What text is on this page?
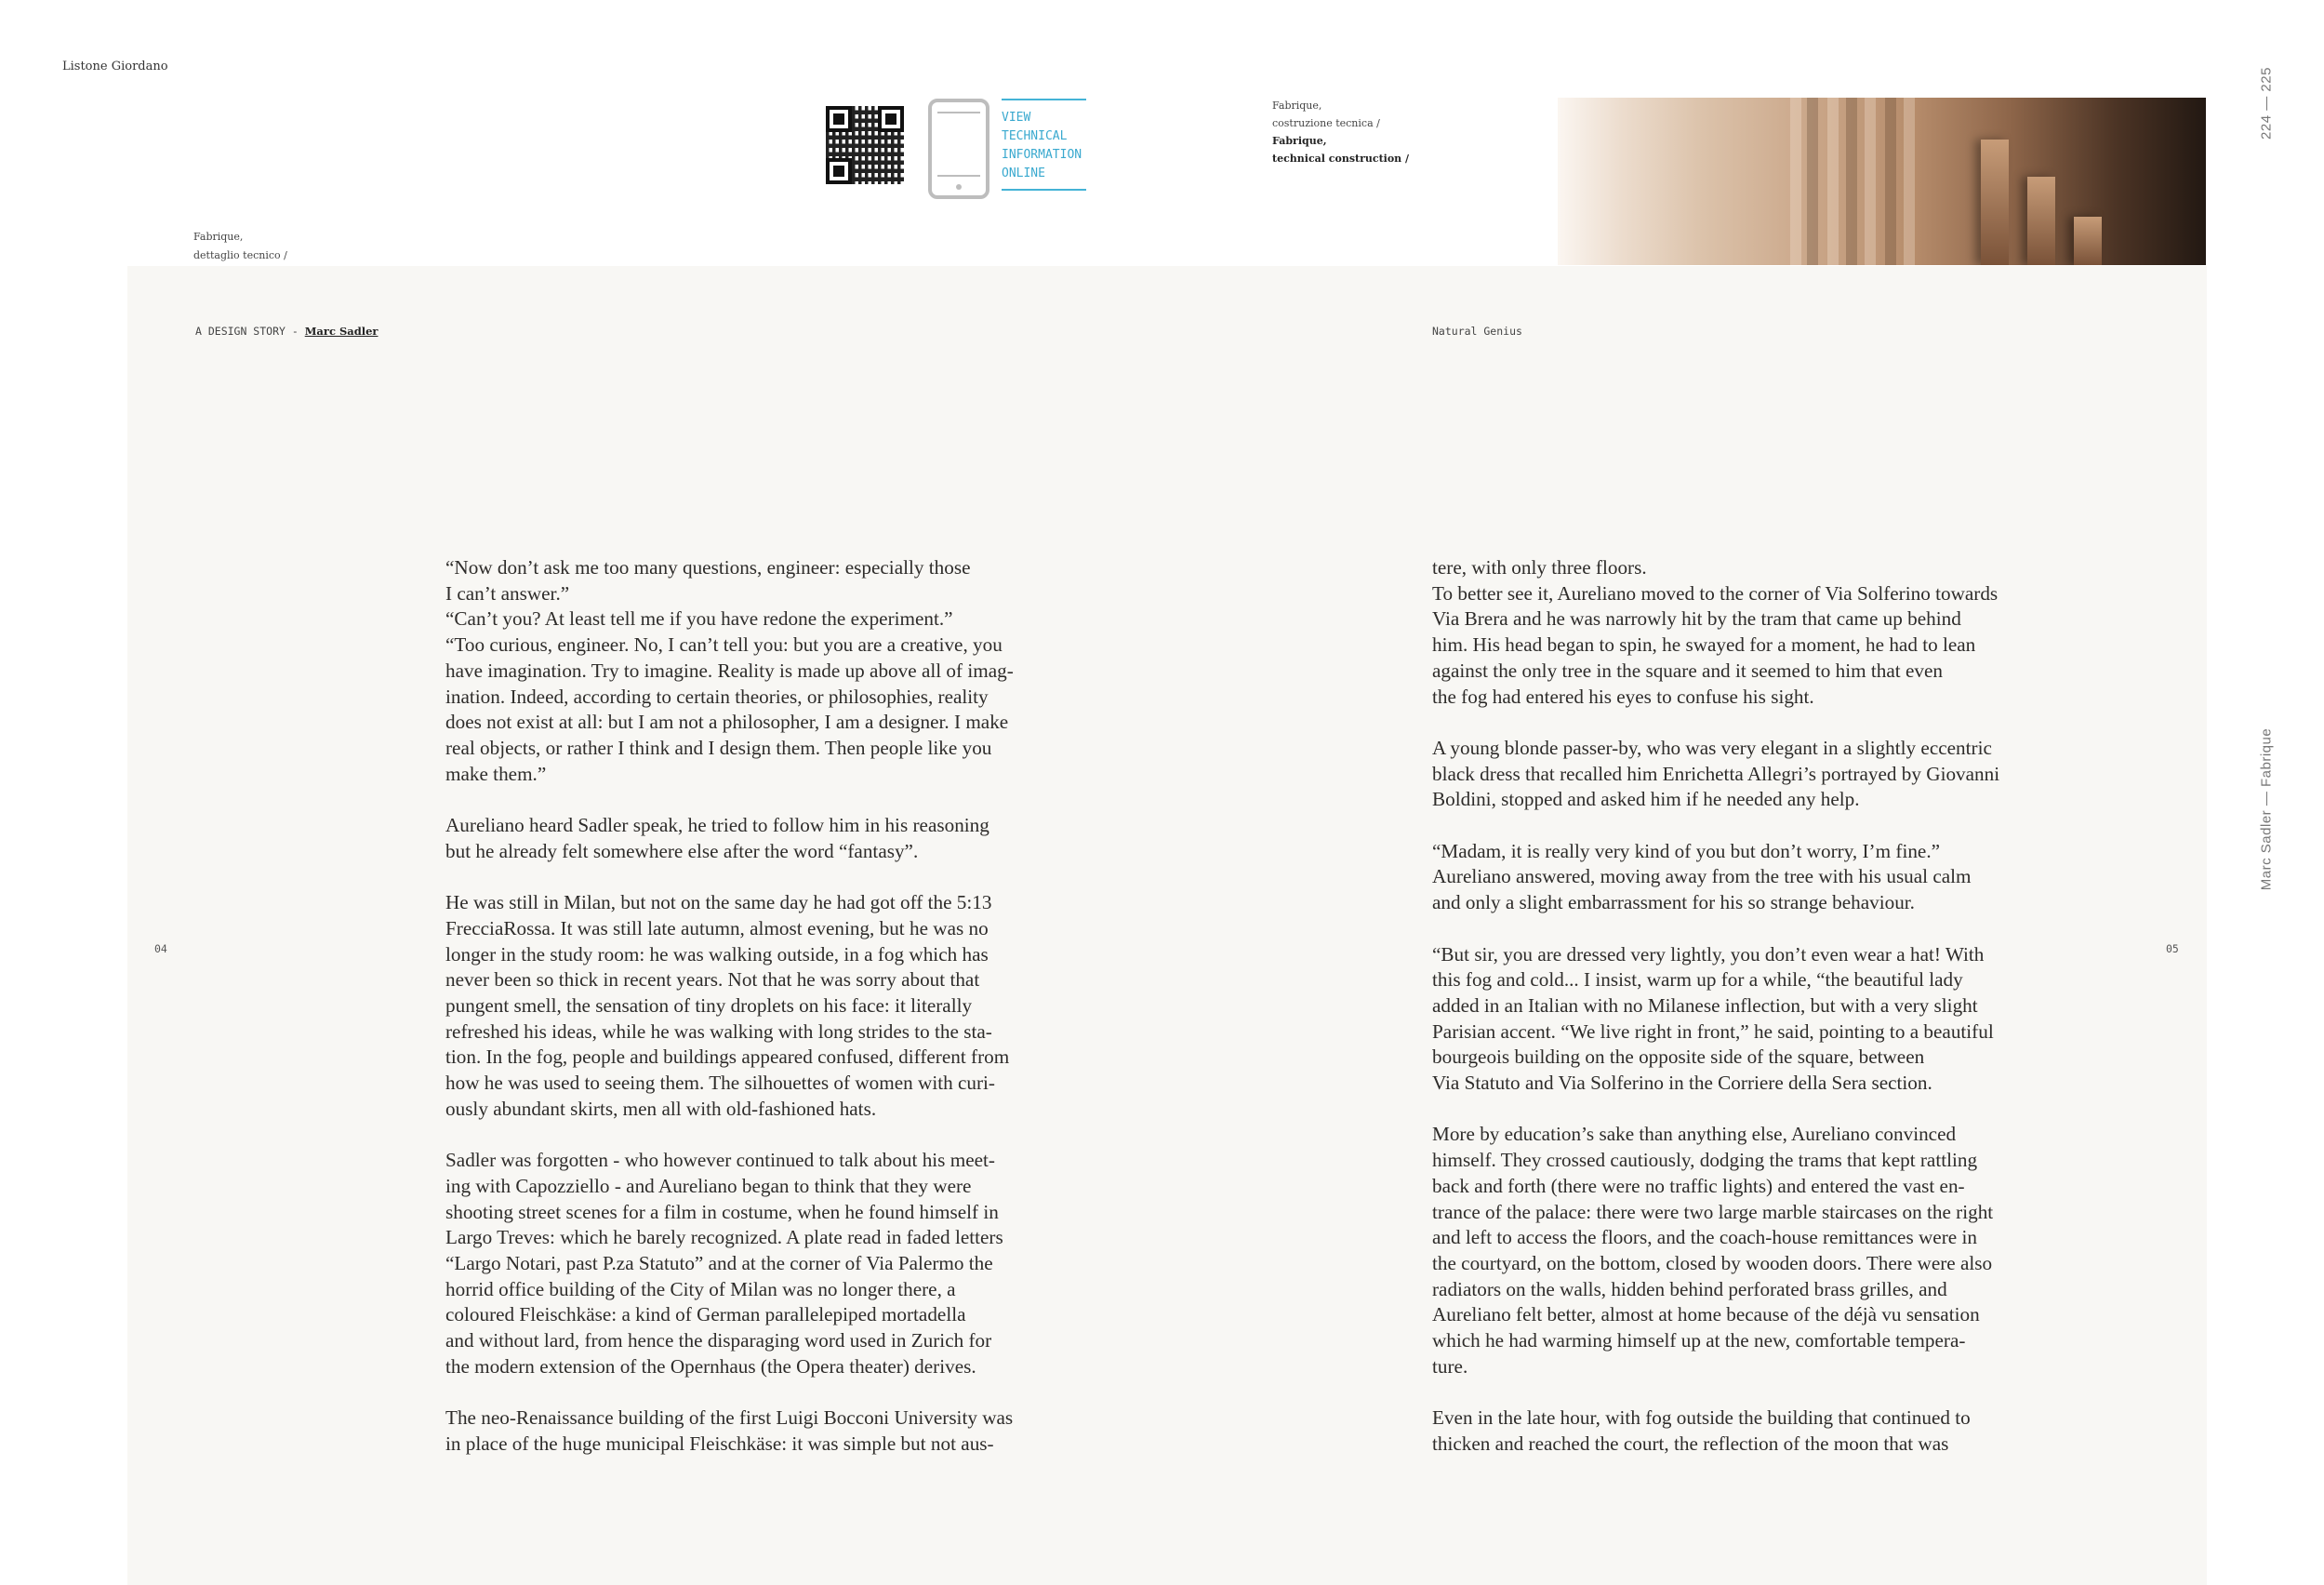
Listone Giordano
VIEW
TECHNICAL
INFORMATION
ONLINE
Fabrique,
costruzione tecnica /
Fabrique,
technical construction /
Fabrique,
dettaglio tecnico /
224 — 225
Marc Sadler — Fabrique
A DESIGN STORY - Marc Sadler	Natural Genius
04	05

“Now don’t ask me too many questions, engineer: especially those
I can’t answer.”
“Can’t you? At least tell me if you have redone the experiment.”
“Too curious, engineer. No, I can’t tell you: but you are a creative, you
have imagination. Try to imagine. Reality is made up above all of imag-
ination. Indeed, according to certain theories, or philosophies, reality
does not exist at all: but I am not a philosopher, I am a designer. I make
real objects, or rather I think and I design them. Then people like you
make them.”

Aureliano heard Sadler speak, he tried to follow him in his reasoning
but he already felt somewhere else after the word “fantasy”.

He was still in Milan, but not on the same day he had got off the 5:13
FrecciaRossa. It was still late autumn, almost evening, but he was no
longer in the study room: he was walking outside, in a fog which has
never been so thick in recent years. Not that he was sorry about that
pungent smell, the sensation of tiny droplets on his face: it literally
refreshed his ideas, while he was walking with long strides to the sta-
tion. In the fog, people and buildings appeared confused, different from
how he was used to seeing them. The silhouettes of women with curi-
ously abundant skirts, men all with old-fashioned hats.

Sadler was forgotten - who however continued to talk about his meet-
ing with Capozziello - and Aureliano began to think that they were
shooting street scenes for a film in costume, when he found himself in
Largo Treves: which he barely recognized. A plate read in faded letters
“Largo Notari, past P.za Statuto” and at the corner of Via Palermo the
horrid office building of the City of Milan was no longer there, a
coloured Fleischkäse: a kind of German parallelepiped mortadella
and without lard, from hence the disparaging word used in Zurich for
the modern extension of the Opernhaus (the Opera theater) derives.

The neo-Renaissance building of the first Luigi Bocconi University was
in place of the huge municipal Fleischkäse: it was simple but not aus-

tere, with only three floors.
To better see it, Aureliano moved to the corner of Via Solferino towards
Via Brera and he was narrowly hit by the tram that came up behind
him. His head began to spin, he swayed for a moment, he had to lean
against the only tree in the square and it seemed to him that even
the fog had entered his eyes to confuse his sight.

A young blonde passer-by, who was very elegant in a slightly eccentric
black dress that recalled him Enrichetta Allegri’s portrayed by Giovanni
Boldini, stopped and asked him if he needed any help.

“Madam, it is really very kind of you but don’t worry, I’m fine.”
Aureliano answered, moving away from the tree with his usual calm
and only a slight embarrassment for his so strange behaviour.

“But sir, you are dressed very lightly, you don’t even wear a hat! With
this fog and cold... I insist, warm up for a while, “the beautiful lady
added in an Italian with no Milanese inflection, but with a very slight
Parisian accent. “We live right in front,” he said, pointing to a beautiful
bourgeois building on the opposite side of the square, between
Via Statuto and Via Solferino in the Corriere della Sera section.

More by education’s sake than anything else, Aureliano convinced
himself. They crossed cautiously, dodging the trams that kept rattling
back and forth (there were no traffic lights) and entered the vast en-
trance of the palace: there were two large marble staircases on the right
and left to access the floors, and the coach-house remittances were in
the courtyard, on the bottom, closed by wooden doors. There were also
radiators on the walls, hidden behind perforated brass grilles, and
Aureliano felt better, almost at home because of the déjà vu sensation
which he had warming himself up at the new, comfortable tempera-
ture.

Even in the late hour, with fog outside the building that continued to
thicken and reached the court, the reflection of the moon that was
